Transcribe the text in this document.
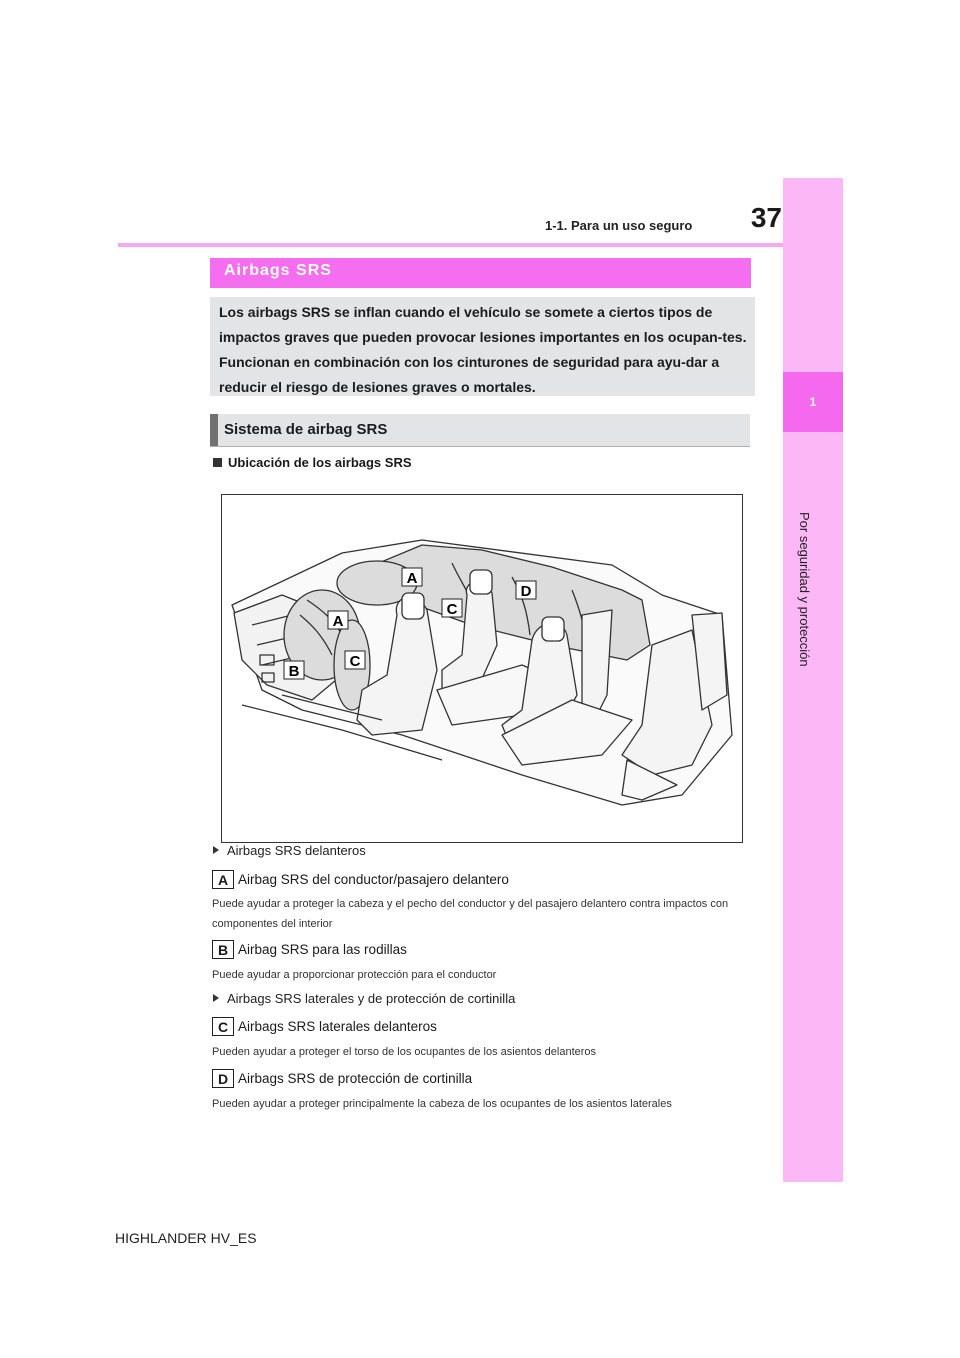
37
1-1. Para un uso seguro
1
Por seguridad y protección
Airbags SRS
Los airbags SRS se inflan cuando el vehículo se somete a ciertos tipos de impactos graves que pueden provocar lesiones importantes en los ocupan-tes. Funcionan en combinación con los cinturones de seguridad para ayu-dar a reducir el riesgo de lesiones graves o mortales.
Sistema de airbag SRS
Ubicación de los airbags SRS
A
A
B
C
C
D
Airbags SRS delanteros
A Airbag SRS del conductor/pasajero delantero
Puede ayudar a proteger la cabeza y el pecho del conductor y del pasajero delantero contra impactos con componentes del interior
B Airbag SRS para las rodillas
Puede ayudar a proporcionar protección para el conductor
Airbags SRS laterales y de protección de cortinilla
C Airbags SRS laterales delanteros
Pueden ayudar a proteger el torso de los ocupantes de los asientos delanteros
D Airbags SRS de protección de cortinilla
Pueden ayudar a proteger principalmente la cabeza de los ocupantes de los asientos laterales
HIGHLANDER HV_ES
